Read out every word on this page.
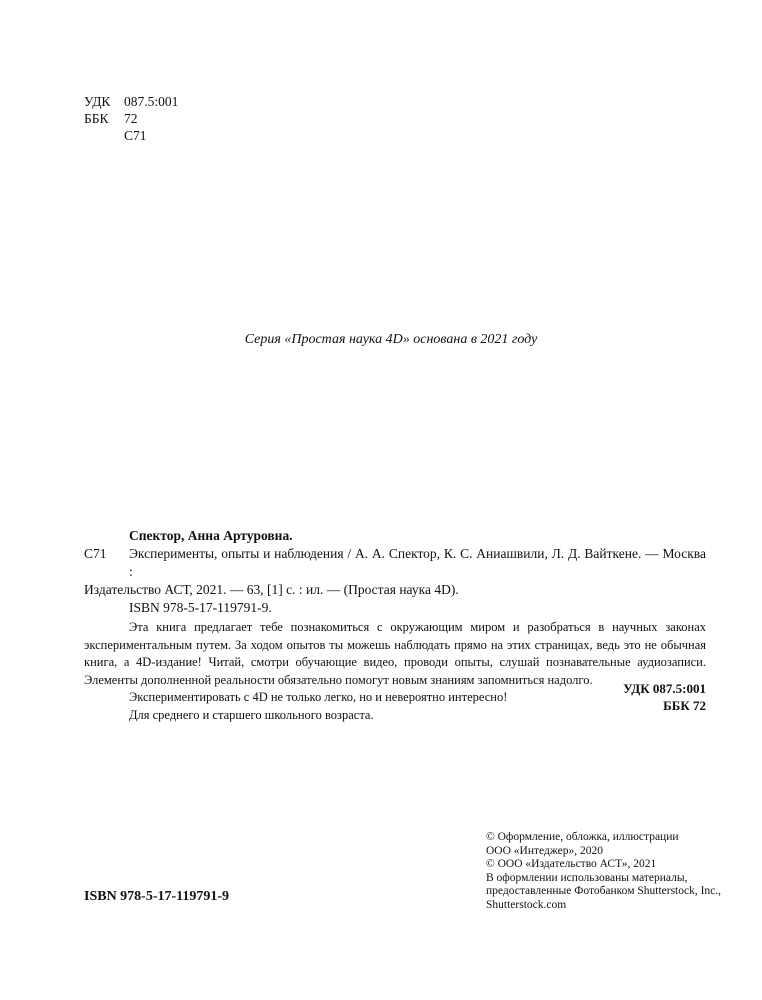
УДК	087.5:001
ББК	72
С71
Серия «Простая наука 4D» основана в 2021 году
Спектор, Анна Артуровна.
С71 Эксперименты, опыты и наблюдения / А. А. Спектор, К. С. Аниашвили, Л. Д. Вайткене. — Москва :
Издательство АСТ, 2021. — 63, [1] с. : ил. — (Простая наука 4D).
ISBN 978-5-17-119791-9.

Эта книга предлагает тебе познакомиться с окружающим миром и разобраться в научных законах экспериментальным путем. За ходом опытов ты можешь наблюдать прямо на этих страницах, ведь это не обычная книга, а 4D-издание! Читай, смотри обучающие видео, проводи опыты, слушай познавательные аудиозаписи. Элементы дополненной реальности обязательно помогут новым знаниям запомниться надолго.

Экспериментировать с 4D не только легко, но и невероятно интересно!

Для среднего и старшего школьного возраста.

УДК 087.5:001
ББК 72
© Оформление, обложка, иллюстрации
ООО «Интеджер», 2020
© ООО «Издательство АСТ», 2021
В оформлении использованы материалы,
предоставленные Фотобанком Shutterstock, Inc.,
Shutterstock.com
ISBN 978-5-17-119791-9
